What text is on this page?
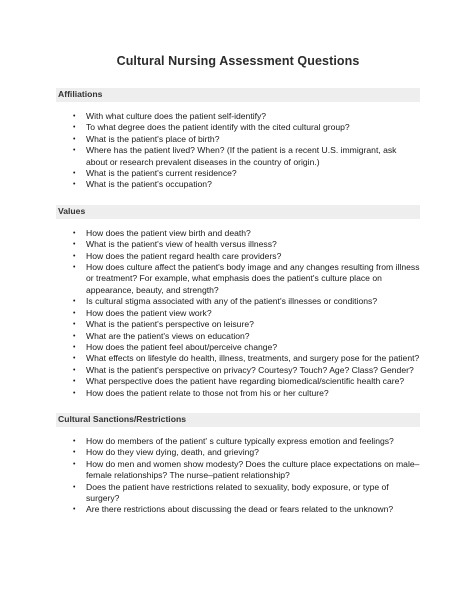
Cultural Nursing Assessment Questions
Affiliations
• With what culture does the patient self-identify?
• To what degree does the patient identify with the cited cultural group?
• What is the patient's place of birth?
• Where has the patient lived? When? (If the patient is a recent U.S. immigrant, ask about or research prevalent diseases in the country of origin.)
• What is the patient's current residence?
• What is the patient's occupation?
Values
• How does the patient view birth and death?
• What is the patient's view of health versus illness?
• How does the patient regard health care providers?
• How does culture affect the patient's body image and any changes resulting from illness or treatment? For example, what emphasis does the patient's culture place on appearance, beauty, and strength?
• Is cultural stigma associated with any of the patient's illnesses or conditions?
• How does the patient view work?
• What is the patient's perspective on leisure?
• What are the patient's views on education?
• How does the patient feel about/perceive change?
• What effects on lifestyle do health, illness, treatments, and surgery pose for the patient?
• What is the patient's perspective on privacy? Courtesy? Touch? Age? Class? Gender?
• What perspective does the patient have regarding biomedical/scientific health care?
• How does the patient relate to those not from his or her culture?
Cultural Sanctions/Restrictions
• How do members of the patient' s culture typically express emotion and feelings?
• How do they view dying, death, and grieving?
• How do men and women show modesty? Does the culture place expectations on male–female relationships? The nurse–patient relationship?
• Does the patient have restrictions related to sexuality, body exposure, or type of surgery?
• Are there restrictions about discussing the dead or fears related to the unknown?
